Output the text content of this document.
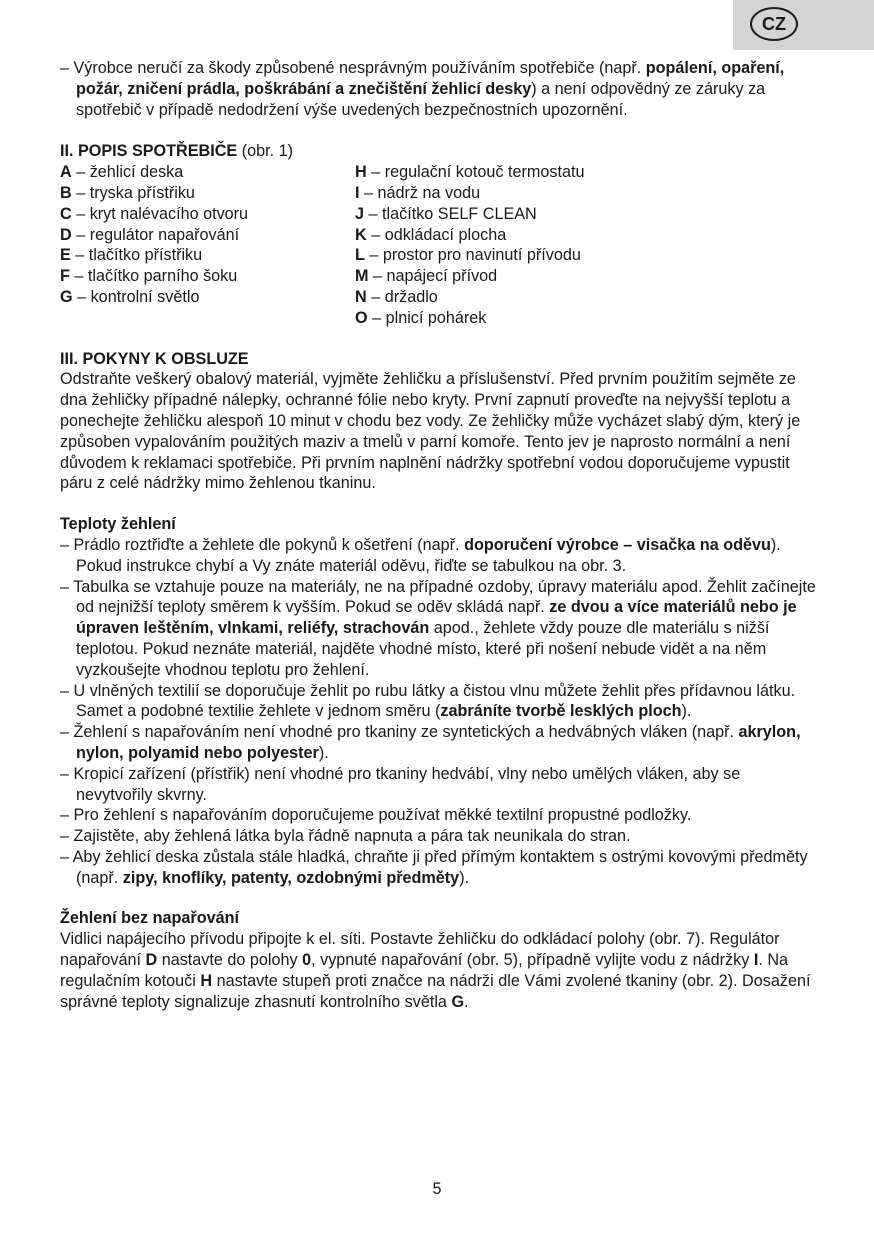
CZ

– Výrobce neručí za škody způsobené nesprávným používáním spotřebiče (např. popálení, opaření, požár, zničení prádla, poškrábání a znečištění žehlicí desky) a není odpovědný ze záruky za spotřebič v případě nedodržení výše uvedených bezpečnostních upozornění.

II. POPIS SPOTŘEBIČE (obr. 1)

A – žehlicí deska

B – tryska přístřiku

C – kryt nalévacího otvoru

D – regulátor napařování

E – tlačítko přístřiku

F – tlačítko parního šoku

G – kontrolní světlo

H – regulační kotouč termostatu

I – nádrž na vodu

J – tlačítko SELF CLEAN

K – odkládací plocha

L – prostor pro navinutí přívodu

M – napájecí přívod

N – držadlo

O – plnicí pohárek

III. POKYNY K OBSLUZE

Odstraňte veškerý obalový materiál, vyjměte žehličku a příslušenství. Před prvním použitím sejměte ze dna žehličky případné nálepky, ochranné fólie nebo kryty. První zapnutí proveďte na nejvyšší teplotu a ponechejte žehličku alespoň 10 minut v chodu bez vody. Ze žehličky může vycházet slabý dým, který je způsoben vypalováním použitých maziv a tmelů v parní komoře. Tento jev je naprosto normální a není důvodem k reklamaci spotřebiče. Při prvním naplnění nádržky spotřební vodou doporučujeme vypustit páru z celé nádržky mimo žehlenou tkaninu.

Teploty žehlení

– Prádlo roztřiďte a žehlete dle pokynů k ošetření (např. doporučení výrobce – visačka na oděvu). Pokud instrukce chybí a Vy znáte materiál oděvu, řiďte se tabulkou na obr. 3.

– Tabulka se vztahuje pouze na materiály, ne na případné ozdoby, úpravy materiálu apod. Žehlit začínejte od nejnižší teploty směrem k vyšším. Pokud se oděv skládá např. ze dvou a více materiálů nebo je úpraven leštěním, vlnkami, reliéfy, strachován apod., žehlete vždy pouze dle materiálu s nižší teplotou. Pokud neznáte materiál, najděte vhodné místo, které při nošení nebude vidět a na něm vyzkoušejte vhodnou teplotu pro žehlení.

– U vlněných textilií se doporučuje žehlit po rubu látky a čistou vlnu můžete žehlit přes přídavnou látku. Samet a podobné textilie žehlete v jednom směru (zabráníte tvorbě lesklých ploch).

– Žehlení s napařováním není vhodné pro tkaniny ze syntetických a hedvábných vláken (např. akrylon, nylon, polyamid nebo polyester).

– Kropicí zařízení (přístřik) není vhodné pro tkaniny hedvábí, vlny nebo umělých vláken, aby se nevytvořily skvrny.

– Pro žehlení s napařováním doporučujeme používat měkké textilní propustné podložky.

– Zajistěte, aby žehlená látka byla řádně napnuta a pára tak neunikala do stran.

– Aby žehlicí deska zůstala stále hladká, chraňte ji před přímým kontaktem s ostrými kovovými předměty (např. zipy, knoflíky, patenty, ozdobnými předměty).

Žehlení bez napařování

Vidlici napájecího přívodu připojte k el. síti. Postavte žehličku do odkládací polohy (obr. 7). Regulátor napařování D nastavte do polohy 0, vypnuté napařování (obr. 5), případně vylijte vodu z nádržky I. Na regulačním kotouči H nastavte stupeň proti značce na nádrži dle Vámi zvolené tkaniny (obr. 2). Dosažení správné teploty signalizuje zhasnutí kontrolního světla G.

5
